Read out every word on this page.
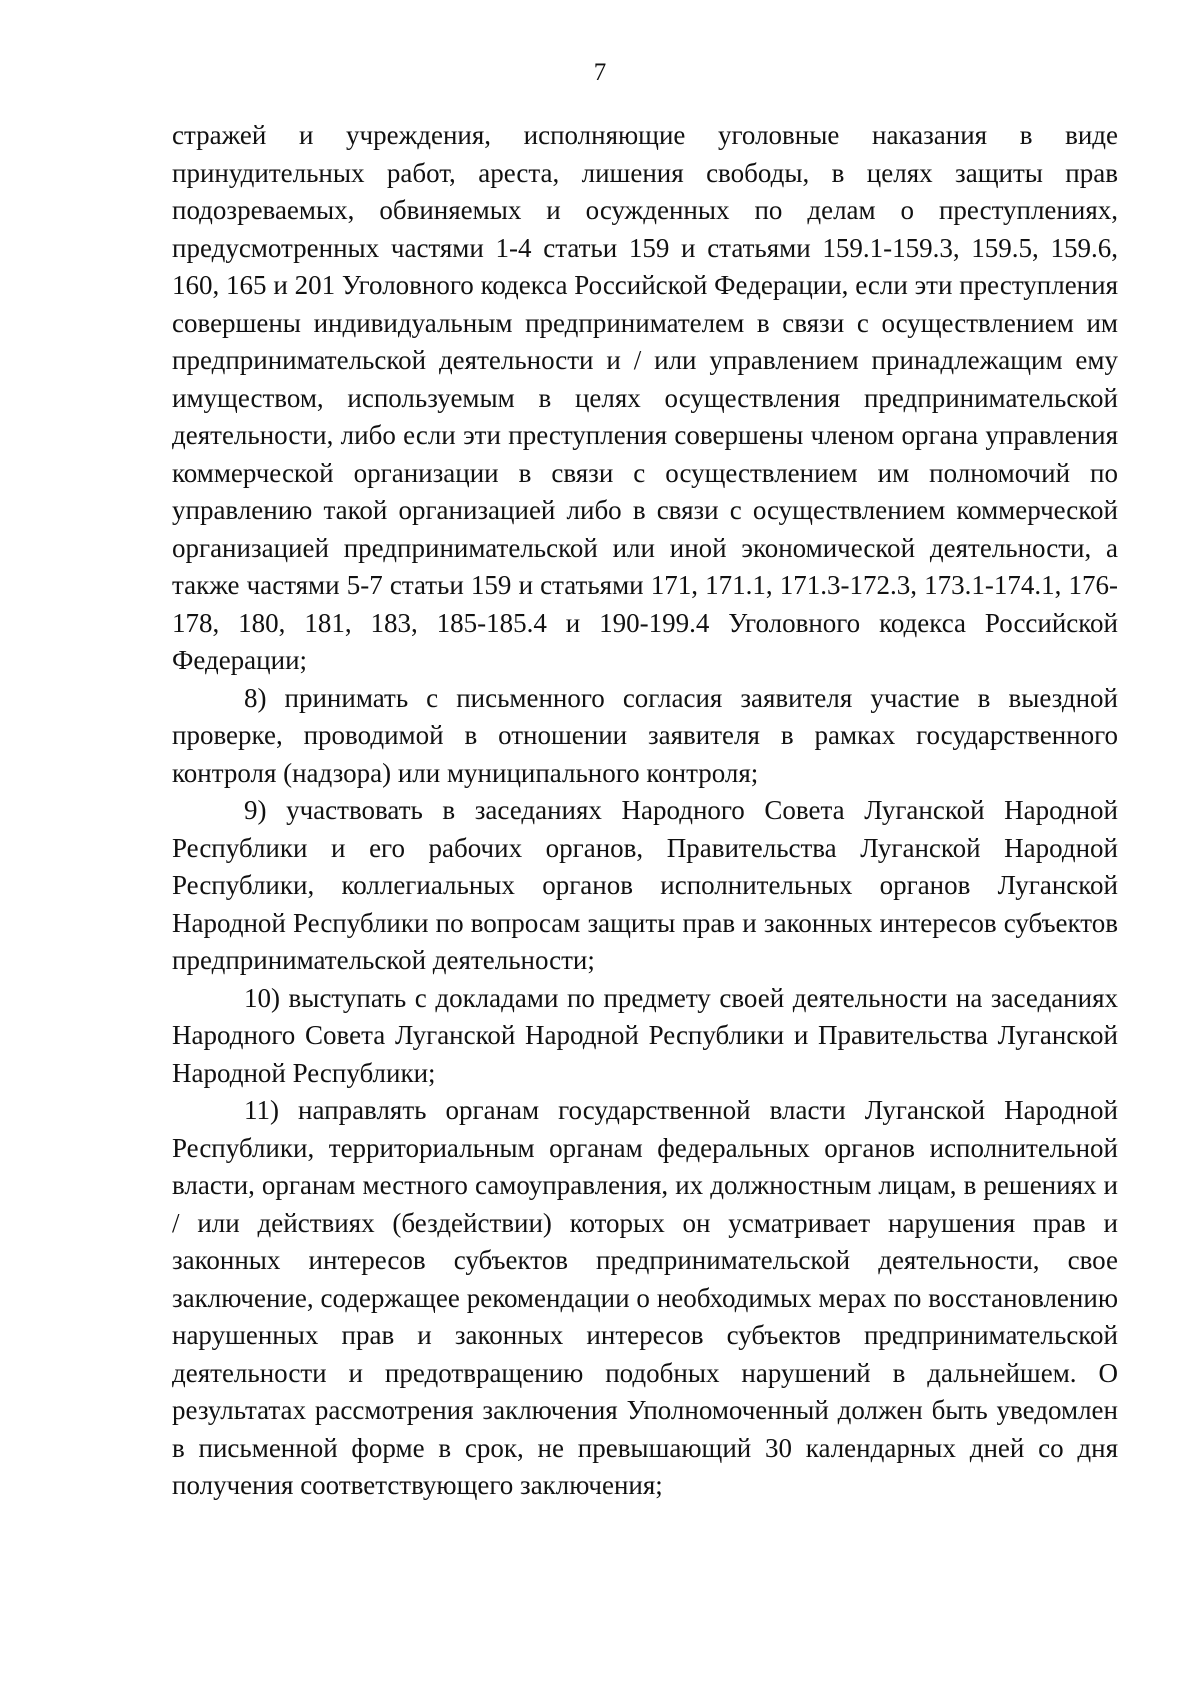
7

стражей и учреждения, исполняющие уголовные наказания в виде принудительных работ, ареста, лишения свободы, в целях защиты прав подозреваемых, обвиняемых и осужденных по делам о преступлениях, предусмотренных частями 1-4 статьи 159 и статьями 159.1-159.3, 159.5, 159.6, 160, 165 и 201 Уголовного кодекса Российской Федерации, если эти преступления совершены индивидуальным предпринимателем в связи с осуществлением им предпринимательской деятельности и / или управлением принадлежащим ему имуществом, используемым в целях осуществления предпринимательской деятельности, либо если эти преступления совершены членом органа управления коммерческой организации в связи с осуществлением им полномочий по управлению такой организацией либо в связи с осуществлением коммерческой организацией предпринимательской или иной экономической деятельности, а также частями 5-7 статьи 159 и статьями 171, 171.1, 171.3-172.3, 173.1-174.1, 176-178, 180, 181, 183, 185-185.4 и 190-199.4 Уголовного кодекса Российской Федерации;

8) принимать с письменного согласия заявителя участие в выездной проверке, проводимой в отношении заявителя в рамках государственного контроля (надзора) или муниципального контроля;

9) участвовать в заседаниях Народного Совета Луганской Народной Республики и его рабочих органов, Правительства Луганской Народной Республики, коллегиальных органов исполнительных органов Луганской Народной Республики по вопросам защиты прав и законных интересов субъектов предпринимательской деятельности;

10) выступать с докладами по предмету своей деятельности на заседаниях Народного Совета Луганской Народной Республики и Правительства Луганской Народной Республики;

11) направлять органам государственной власти Луганской Народной Республики, территориальным органам федеральных органов исполнительной власти, органам местного самоуправления, их должностным лицам, в решениях и / или действиях (бездействии) которых он усматривает нарушения прав и законных интересов субъектов предпринимательской деятельности, свое заключение, содержащее рекомендации о необходимых мерах по восстановлению нарушенных прав и законных интересов субъектов предпринимательской деятельности и предотвращению подобных нарушений в дальнейшем. О результатах рассмотрения заключения Уполномоченный должен быть уведомлен в письменной форме в срок, не превышающий 30 календарных дней со дня получения соответствующего заключения;
